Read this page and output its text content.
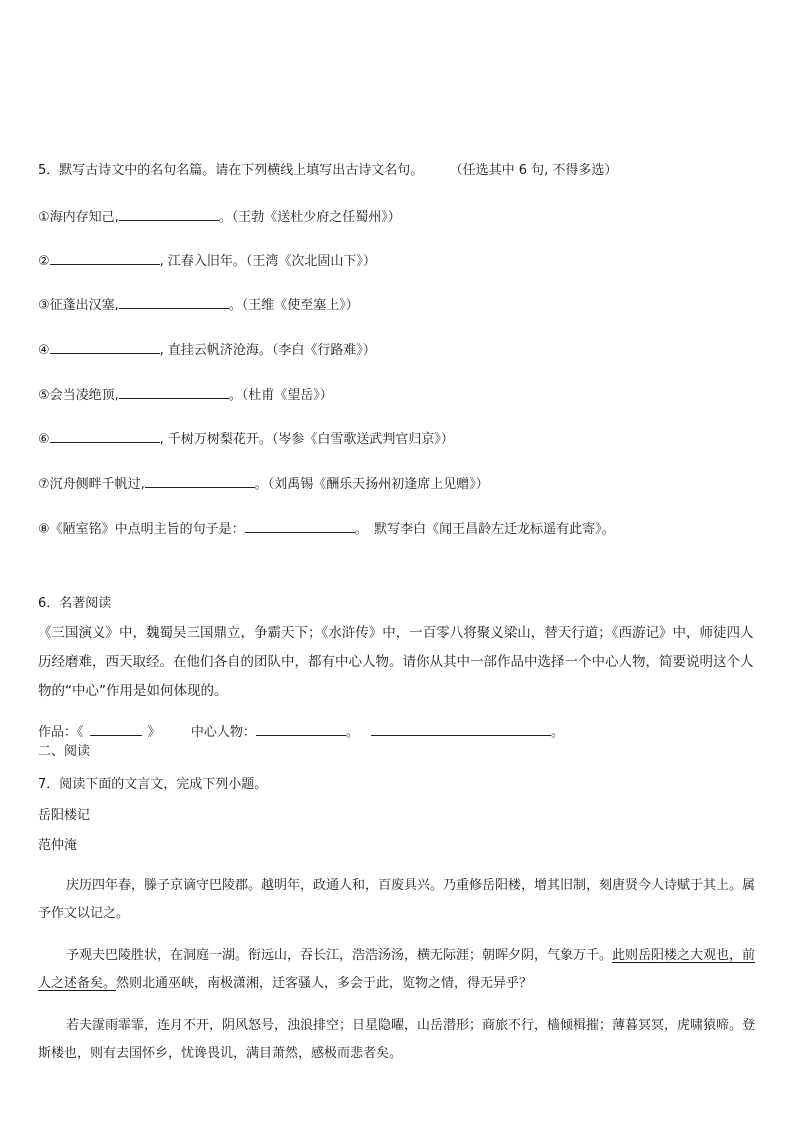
5．默写古诗文中的名句名篇。请在下列横线上填写出古诗文名句。 （任选其中 6 句, 不得多选）
①海内存知己,	。（王勃《送杜少府之任蜀州》）
②	, 江春入旧年。（王湾《次北固山下》）
③征蓬出汉塞,	。（王维《使至塞上》）
④	, 直挂云帆济沧海。（李白《行路难》）
⑤会当凌绝顶,	。（杜甫《望岳》）
⑥	, 千树万树梨花开。（岑参《白雪歌送武判官归京》）
⑦沉舟侧畔千帆过,	。（刘禹锡《酬乐天扬州初逢席上见赠》）
⑧《陋室铭》中点明主旨的句子是：	。　默写李白《闻王昌龄左迁龙标遥有此寄》。
6．名著阅读
《三国演义》中，魏蜀吴三国鼎立，争霸天下；《水浒传》中，一百零八将聚义梁山，替天行道；《西游记》中，师徒四人历经磨难，西天取经。在他们各自的团队中，都有中心人物。请你从其中一部作品中选择一个中心人物，简要说明这个人物的“中心”作用是如何体现的。
作品：《	》 中心人物：	。	。
二、阅读
7．阅读下面的文言文，完成下列小题。
岳阳楼记
范仲淹
庆历四年春，滕子京谪守巴陵郡。越明年，政通人和，百废具兴。乃重修岳阳楼，增其旧制，刻唐贤今人诗赋于其上。属予作文以记之。
予观夫巴陵胜状，在洞庭一湖。衔远山，吞长江，浩浩汤汤，横无际涯；朝晖夕阴，气象万千。此则岳阳楼之大观也，前人之述备矣。然则北通巫峡，南极潇湘，迁客骚人，多会于此，览物之情，得无异乎？
若夫霪雨霏霏，连月不开，阴风怒号，浊浪排空；日星隐曜，山岳潜形；商旅不行，樯倾楫摧；薄暮冥冥，虎啸猿啼。登斯楼也，则有去国怀乡，忧谗畏讥，满目萧然，感极而悲者矣。
